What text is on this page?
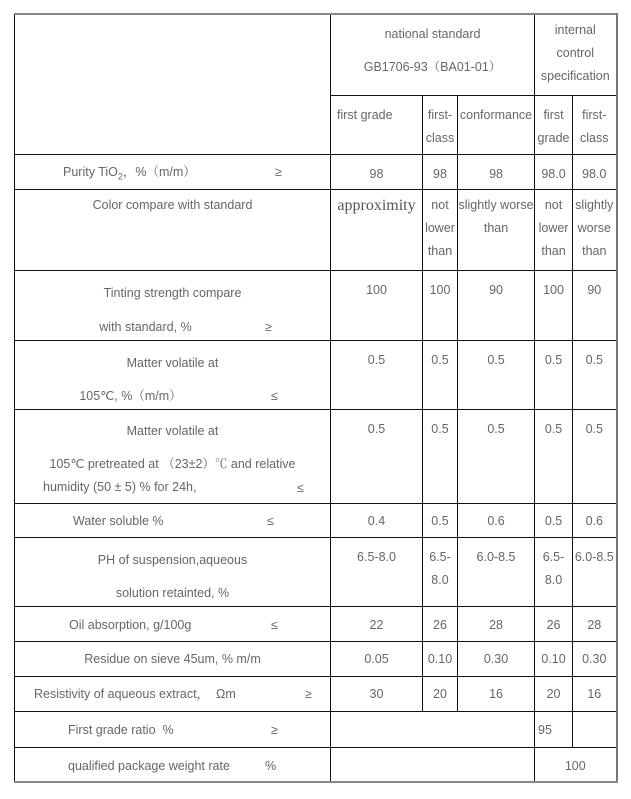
	national standard
GB1706-93（BA01-01）			internal control specification	

	first grade	first-class	conformance	first grade	first-class

Purity TiO$_2$，%（m/m） ≥	98	98	98	98.0	98.0
Color compare with standard	approximity	not lower than	slightly worse than	not lower than	slightly worse than

Tinting strength compare
with standard, % ≥	100	100	90	100	90

Matter volatile at
105℃, %（m/m） ≤	0.5	0.5	0.5	0.5	0.5

Matter volatile at
105℃ pretreated at （23±2）℃ and relative
humidity (50 ± 5) % for 24h, ≤	0.5	0.5	0.5	0.5	0.5

Water soluble % ≤	0.4	0.5	0.6	0.5	0.6

PH of suspension,aqueous
solution retainted, %	6.5-8.0	6.5-8.0	6.0-8.5	6.5-8.0	6.0-8.5

Oil absorption, g/100g ≤	22	26	28	26	28
Residue on sieve 45um, % m/m	0.05	0.10	0.30	0.10	0.30

Resistivity of aqueous extract，  Ωm ≥	30	20	16	20	16

First grade ratio  % ≥				95	

qualified package weight rate %				100	
